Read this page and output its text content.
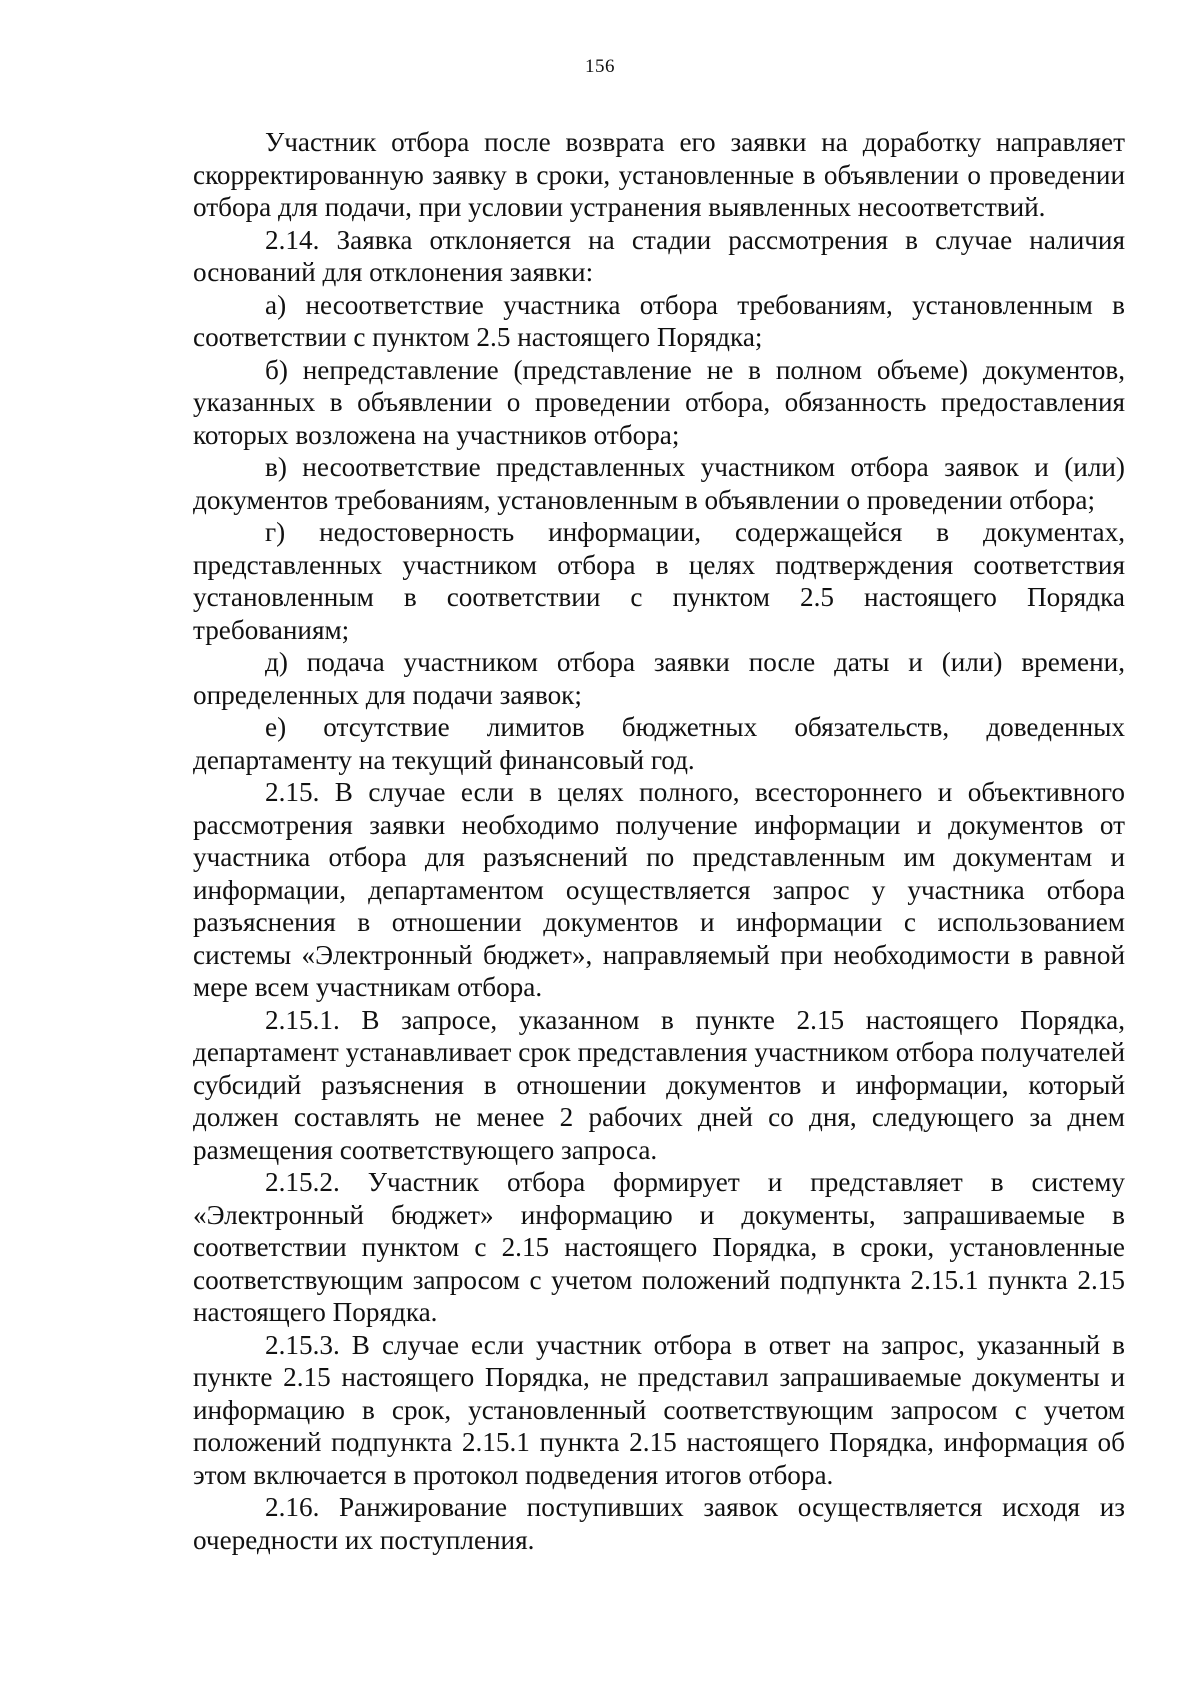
156

Участник отбора после возврата его заявки на доработку направляет скорректированную заявку в сроки, установленные в объявлении о проведении отбора для подачи, при условии устранения выявленных несоответствий.

2.14. Заявка отклоняется на стадии рассмотрения в случае наличия оснований для отклонения заявки:

а) несоответствие участника отбора требованиям, установленным в соответствии с пунктом 2.5 настоящего Порядка;

б) непредставление (представление не в полном объеме) документов, указанных в объявлении о проведении отбора, обязанность предоставления которых возложена на участников отбора;

в) несоответствие представленных участником отбора заявок и (или) документов требованиям, установленным в объявлении о проведении отбора;

г) недостоверность информации, содержащейся в документах, представленных участником отбора в целях подтверждения соответствия установленным в соответствии с пунктом 2.5 настоящего Порядка требованиям;

д) подача участником отбора заявки после даты и (или) времени, определенных для подачи заявок;

е) отсутствие лимитов бюджетных обязательств, доведенных департаменту на текущий финансовый год.

2.15. В случае если в целях полного, всестороннего и объективного рассмотрения заявки необходимо получение информации и документов от участника отбора для разъяснений по представленным им документам и информации, департаментом осуществляется запрос у участника отбора разъяснения в отношении документов и информации с использованием системы «Электронный бюджет», направляемый при необходимости в равной мере всем участникам отбора.

2.15.1. В запросе, указанном в пункте 2.15 настоящего Порядка, департамент устанавливает срок представления участником отбора получателей субсидий разъяснения в отношении документов и информации, который должен составлять не менее 2 рабочих дней со дня, следующего за днем размещения соответствующего запроса.

2.15.2. Участник отбора формирует и представляет в систему «Электронный бюджет» информацию и документы, запрашиваемые в соответствии пунктом с 2.15 настоящего Порядка, в сроки, установленные соответствующим запросом с учетом положений подпункта 2.15.1 пункта 2.15 настоящего Порядка.

2.15.3. В случае если участник отбора в ответ на запрос, указанный в пункте 2.15 настоящего Порядка, не представил запрашиваемые документы и информацию в срок, установленный соответствующим запросом с учетом положений подпункта 2.15.1 пункта 2.15 настоящего Порядка, информация об этом включается в протокол подведения итогов отбора.

2.16. Ранжирование поступивших заявок осуществляется исходя из очередности их поступления.
